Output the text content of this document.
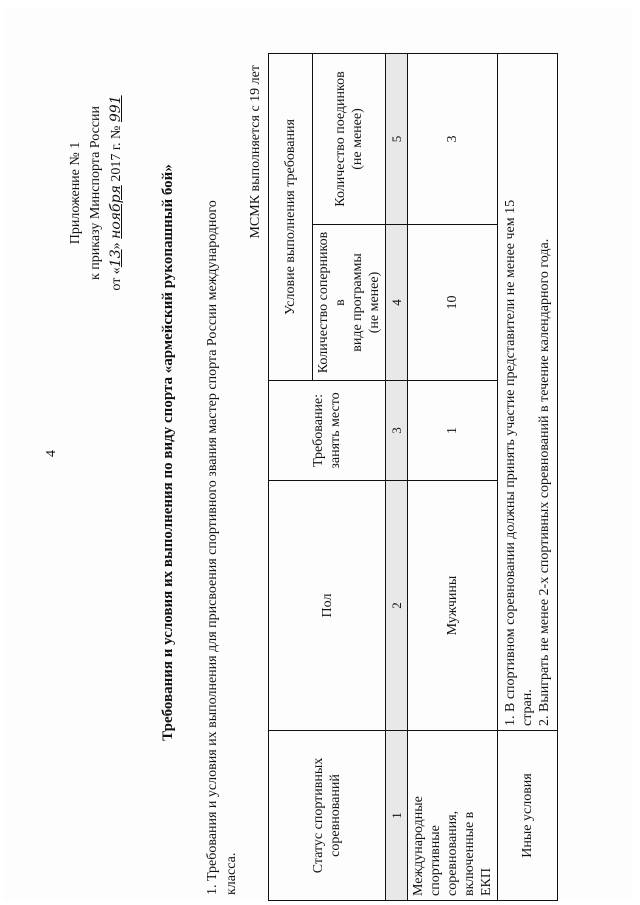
4
Приложение № 1 к приказу Минспорта России от «13» ноября 2017 г. № 991
Требования и условия их выполнения по виду спорта «армейский рукопашный бой» 1. Требования и условия их выполнения для присвоения спортивного звания мастер спорта России международного класса.
МСМК выполняется с 19 лет
Статус спортивных соревнований	Пол	Требование: занять место	Условие выполнения требования	

			Количество соперников в виде программы (не менее)	Количество поединков (не менее)

1	2	3	4	5

Международные спортивные соревнования, включенные в ЕКП	Мужчины	1	10	3
Иные условия	1. В спортивном соревновании должны принять участие представители не менее чем 15 стран. 2. Выиграть не менее 2-х спортивных соревнований в течение календарного года.			
